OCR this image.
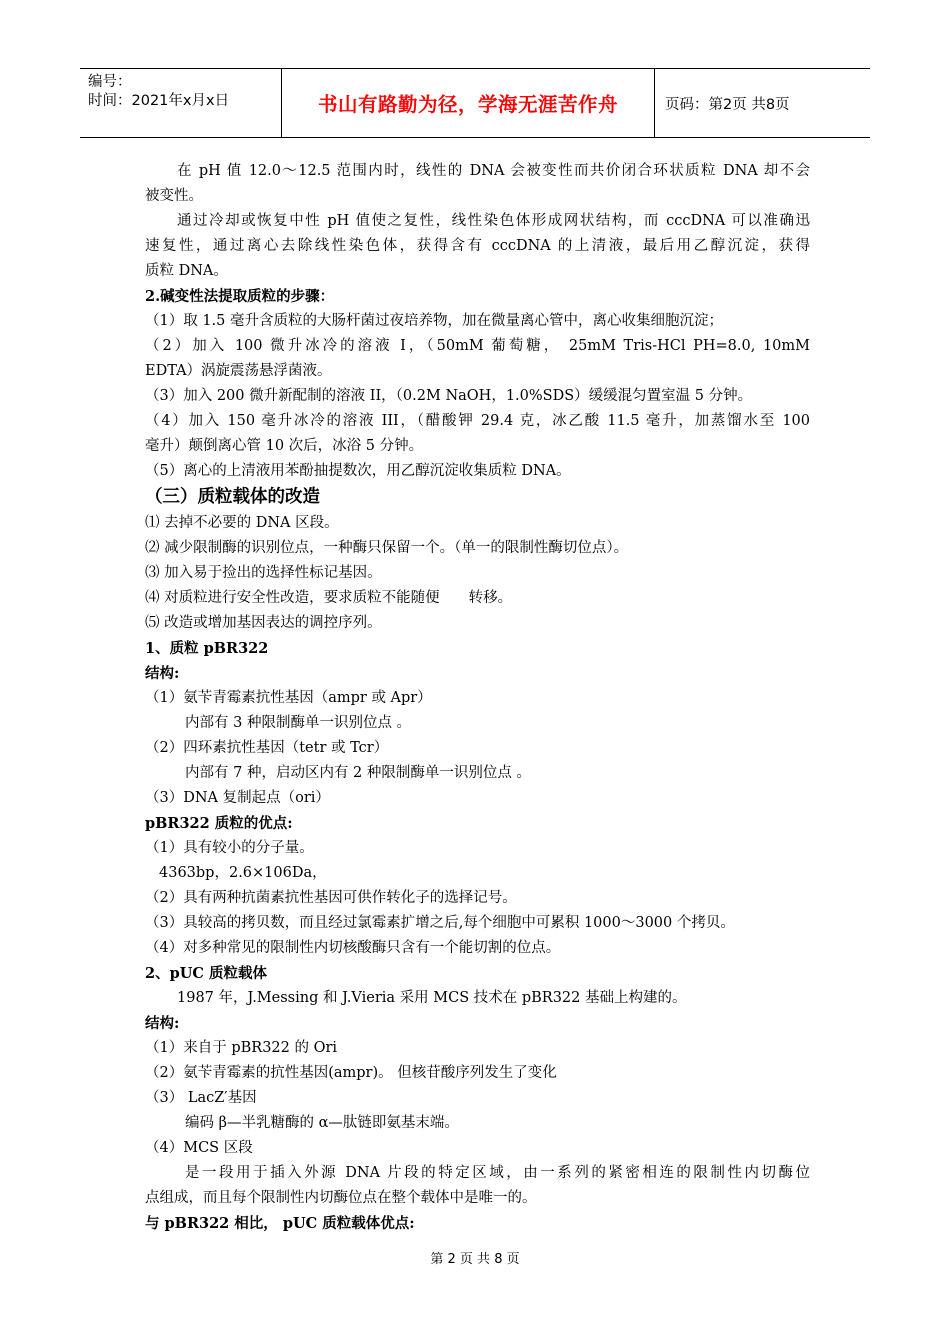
编号：
时间：2021年x月x日	书山有路勤为径，学海无涯苦作舟	页码：第2页 共8页

在 pH 值 12.0～12.5 范围内时，线性的 DNA 会被变性而共价闭合环状质粒 DNA 却不会

被变性。

通过冷却或恢复中性 pH 值使之复性，线性染色体形成网状结构，而 cccDNA 可以准确迅

速复性，通过离心去除线性染色体，获得含有 cccDNA 的上清液，最后用乙醇沉淀，获得

质粒 DNA。

2.碱变性法提取质粒的步骤：

（1）取 1.5 毫升含质粒的大肠杆菌过夜培养物，加在微量离心管中，离心收集细胞沉淀；

（2）加入 100 微升冰冷的溶液 I，（50mM 葡萄糖， 25mM Tris-HCl PH=8.0, 10mM

EDTA）涡旋震荡悬浮菌液。

（3）加入 200 微升新配制的溶液 II，（0.2M NaOH，1.0%SDS）缓缓混匀置室温 5 分钟。

（4）加入 150 毫升冰冷的溶液 III，（醋酸钾 29.4 克，冰乙酸 11.5 毫升，加蒸馏水至 100

毫升）颠倒离心管 10 次后，冰浴 5 分钟。

（5）离心的上清液用苯酚抽提数次，用乙醇沉淀收集质粒 DNA。

（三）质粒载体的改造

⑴ 去掉不必要的 DNA 区段。

⑵ 减少限制酶的识别位点，一种酶只保留一个。（单一的限制性酶切位点）。

⑶ 加入易于捡出的选择性标记基因。

⑷ 对质粒进行安全性改造，要求质粒不能随便　　转移。

⑸ 改造或增加基因表达的调控序列。

1、质粒 pBR322

结构:

（1）氨苄青霉素抗性基因（ampr 或 Apr）

内部有 3 种限制酶单一识别位点 。

（2）四环素抗性基因（tetr 或 Tcr）

内部有 7 种，启动区内有 2 种限制酶单一识别位点 。

（3）DNA 复制起点（ori）

pBR322 质粒的优点:

（1）具有较小的分子量。

4363bp，2.6×106Da，

（2）具有两种抗菌素抗性基因可供作转化子的选择记号。

（3）具较高的拷贝数，而且经过氯霉素扩增之后,每个细胞中可累积 1000～3000 个拷贝。

（4）对多种常见的限制性内切核酸酶只含有一个能切割的位点。

2、pUC 质粒载体

1987 年，J.Messing 和 J.Vieria 采用 MCS 技术在 pBR322 基础上构建的。

结构:

（1）来自于 pBR322 的 Ori

（2）氨苄青霉素的抗性基因(ampr)。 但核苷酸序列发生了变化

（3） LacZ′基因

编码 β—半乳糖酶的 α—肽链即氨基末端。

（4）MCS 区段

是一段用于插入外源 DNA 片段的特定区域，由一系列的紧密相连的限制性内切酶位

点组成，而且每个限制性内切酶位点在整个载体中是唯一的。

与 pBR322 相比， pUC 质粒载体优点:

第 2 页 共 8 页
